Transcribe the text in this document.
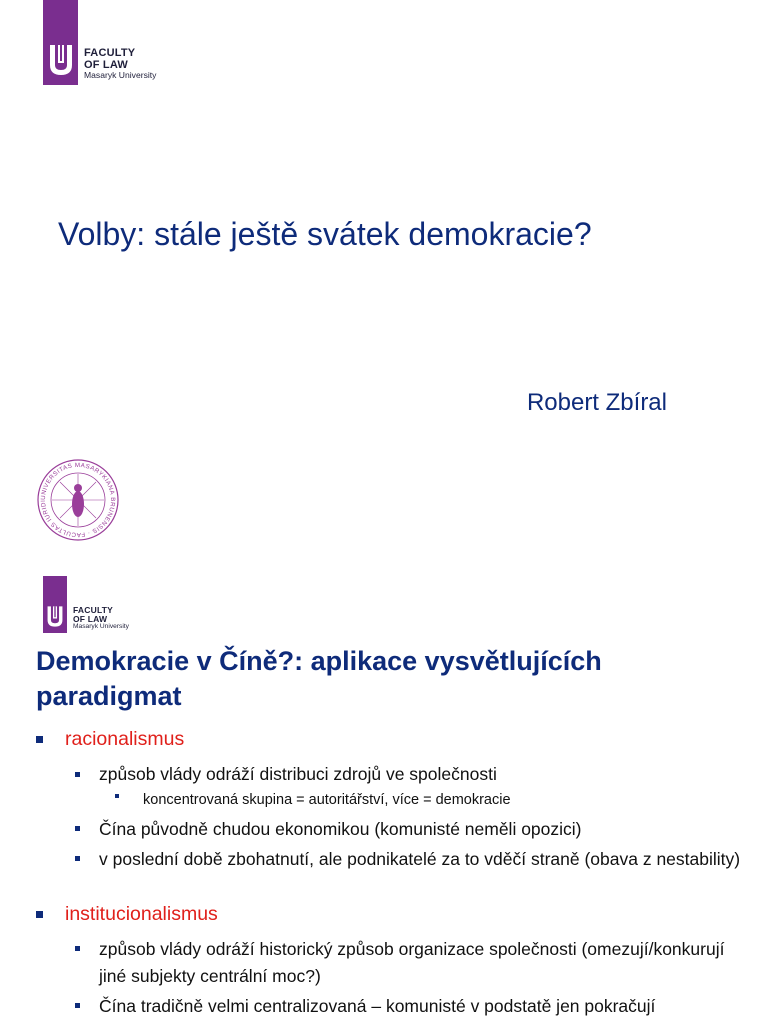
FACULTY
OF LAW
Masaryk University
Volby: stále ještě svátek demokracie?
Robert Zbíral
UNIVERSITAS MASARYKIANA BRUNENSIS · FACULTAS IURIDI
FACULTY
OF LAW
Masaryk University
Demokracie v Číně?: aplikace vysvětlujících paradigmat
racionalismus
způsob vlády odráží distribuci zdrojů ve společnosti
koncentrovaná skupina = autoritářství, více = demokracie
Čína původně chudou ekonomikou (komunisté neměli opozici)
v poslední době zbohatnutí, ale podnikatelé za to vděčí straně (obava z nestability)
institucionalismus
způsob vlády odráží historický způsob organizace společnosti (omezují/konkurují jiné subjekty centrální moc?)
Čína tradičně velmi centralizovaná – komunisté v podstatě jen pokračují
